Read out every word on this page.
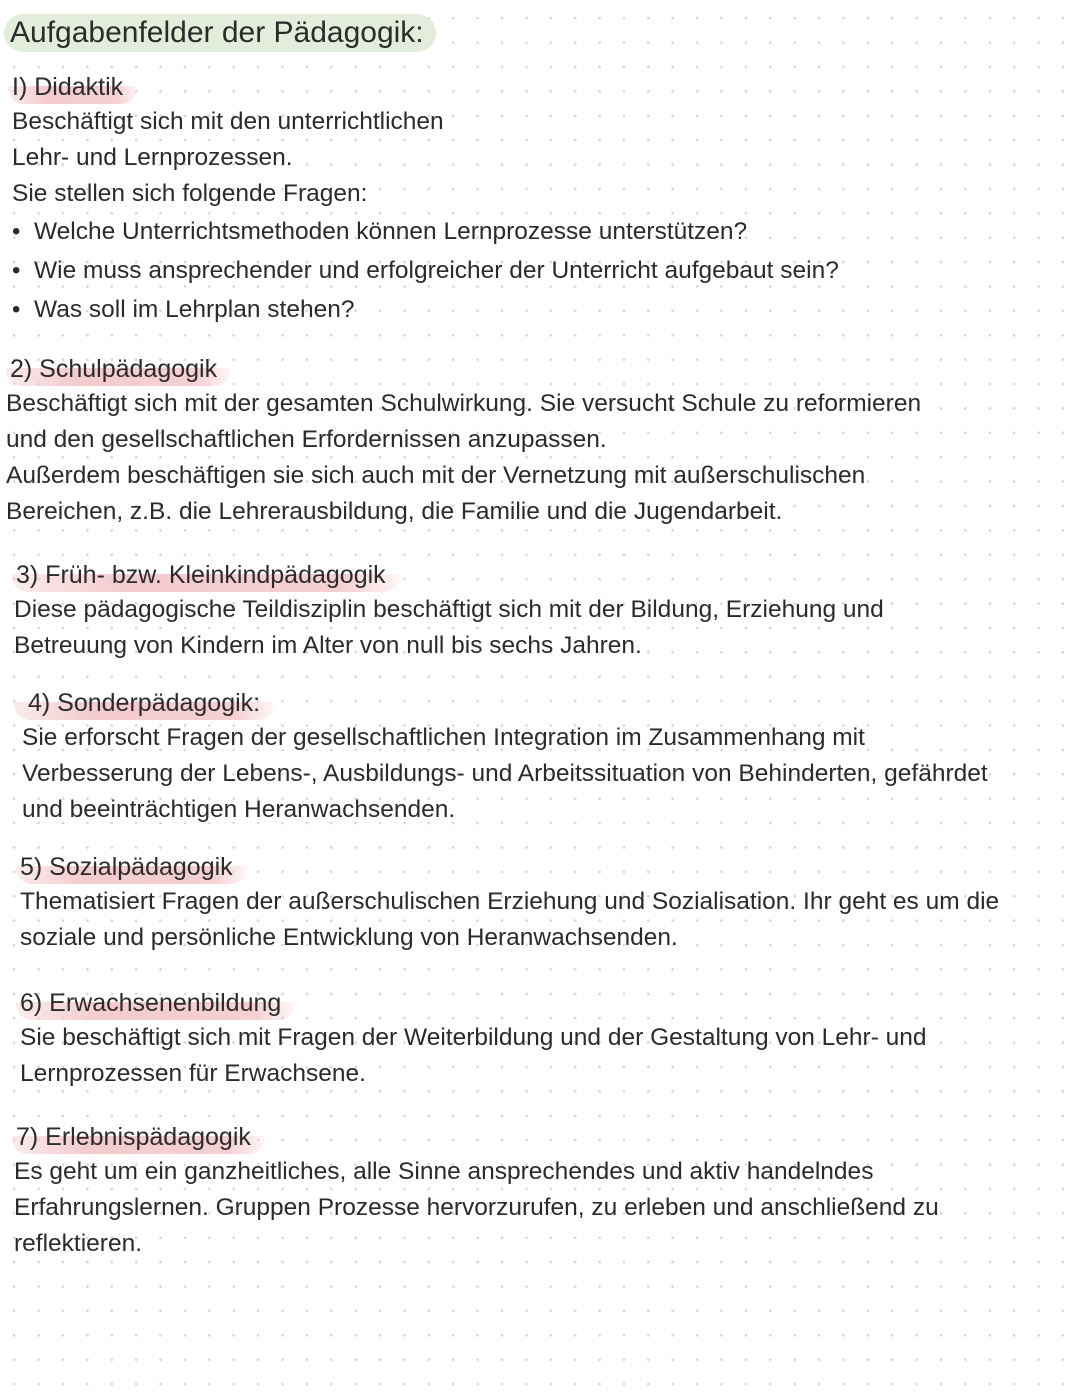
Aufgabenfelder der Pädagogik:
I) Didaktik

Beschäftigt sich mit den unterrichtlichen

Lehr- und Lernprozessen.

Sie stellen sich folgende Fragen:

• Welche Unterrichtsmethoden können Lernprozesse unterstützen?
• Wie muss ansprechender und erfolgreicher der Unterricht aufgebaut sein?
• Was soll im Lehrplan stehen?
2) Schulpädagogik

Beschäftigt sich mit der gesamten Schulwirkung. Sie versucht Schule zu reformieren

und den gesellschaftlichen Erfordernissen anzupassen.

Außerdem beschäftigen sie sich auch mit der Vernetzung mit außerschulischen

Bereichen, z.B. die Lehrerausbildung, die Familie und die Jugendarbeit.

3) Früh- bzw. Kleinkindpädagogik

Diese pädagogische Teildisziplin beschäftigt sich mit der Bildung, Erziehung und

Betreuung von Kindern im Alter von null bis sechs Jahren.

4) Sonderpädagogik:

Sie erforscht Fragen der gesellschaftlichen Integration im Zusammenhang mit

Verbesserung der Lebens-, Ausbildungs- und Arbeitssituation von Behinderten, gefährdet

und beeinträchtigen Heranwachsenden.

5) Sozialpädagogik

Thematisiert Fragen der außerschulischen Erziehung und Sozialisation. Ihr geht es um die

soziale und persönliche Entwicklung von Heranwachsenden.

6) Erwachsenenbildung

Sie beschäftigt sich mit Fragen der Weiterbildung und der Gestaltung von Lehr- und

Lernprozessen für Erwachsene.

7) Erlebnispädagogik

Es geht um ein ganzheitliches, alle Sinne ansprechendes und aktiv handelndes

Erfahrungslernen. Gruppen Prozesse hervorzurufen, zu erleben und anschließend zu

reflektieren.
